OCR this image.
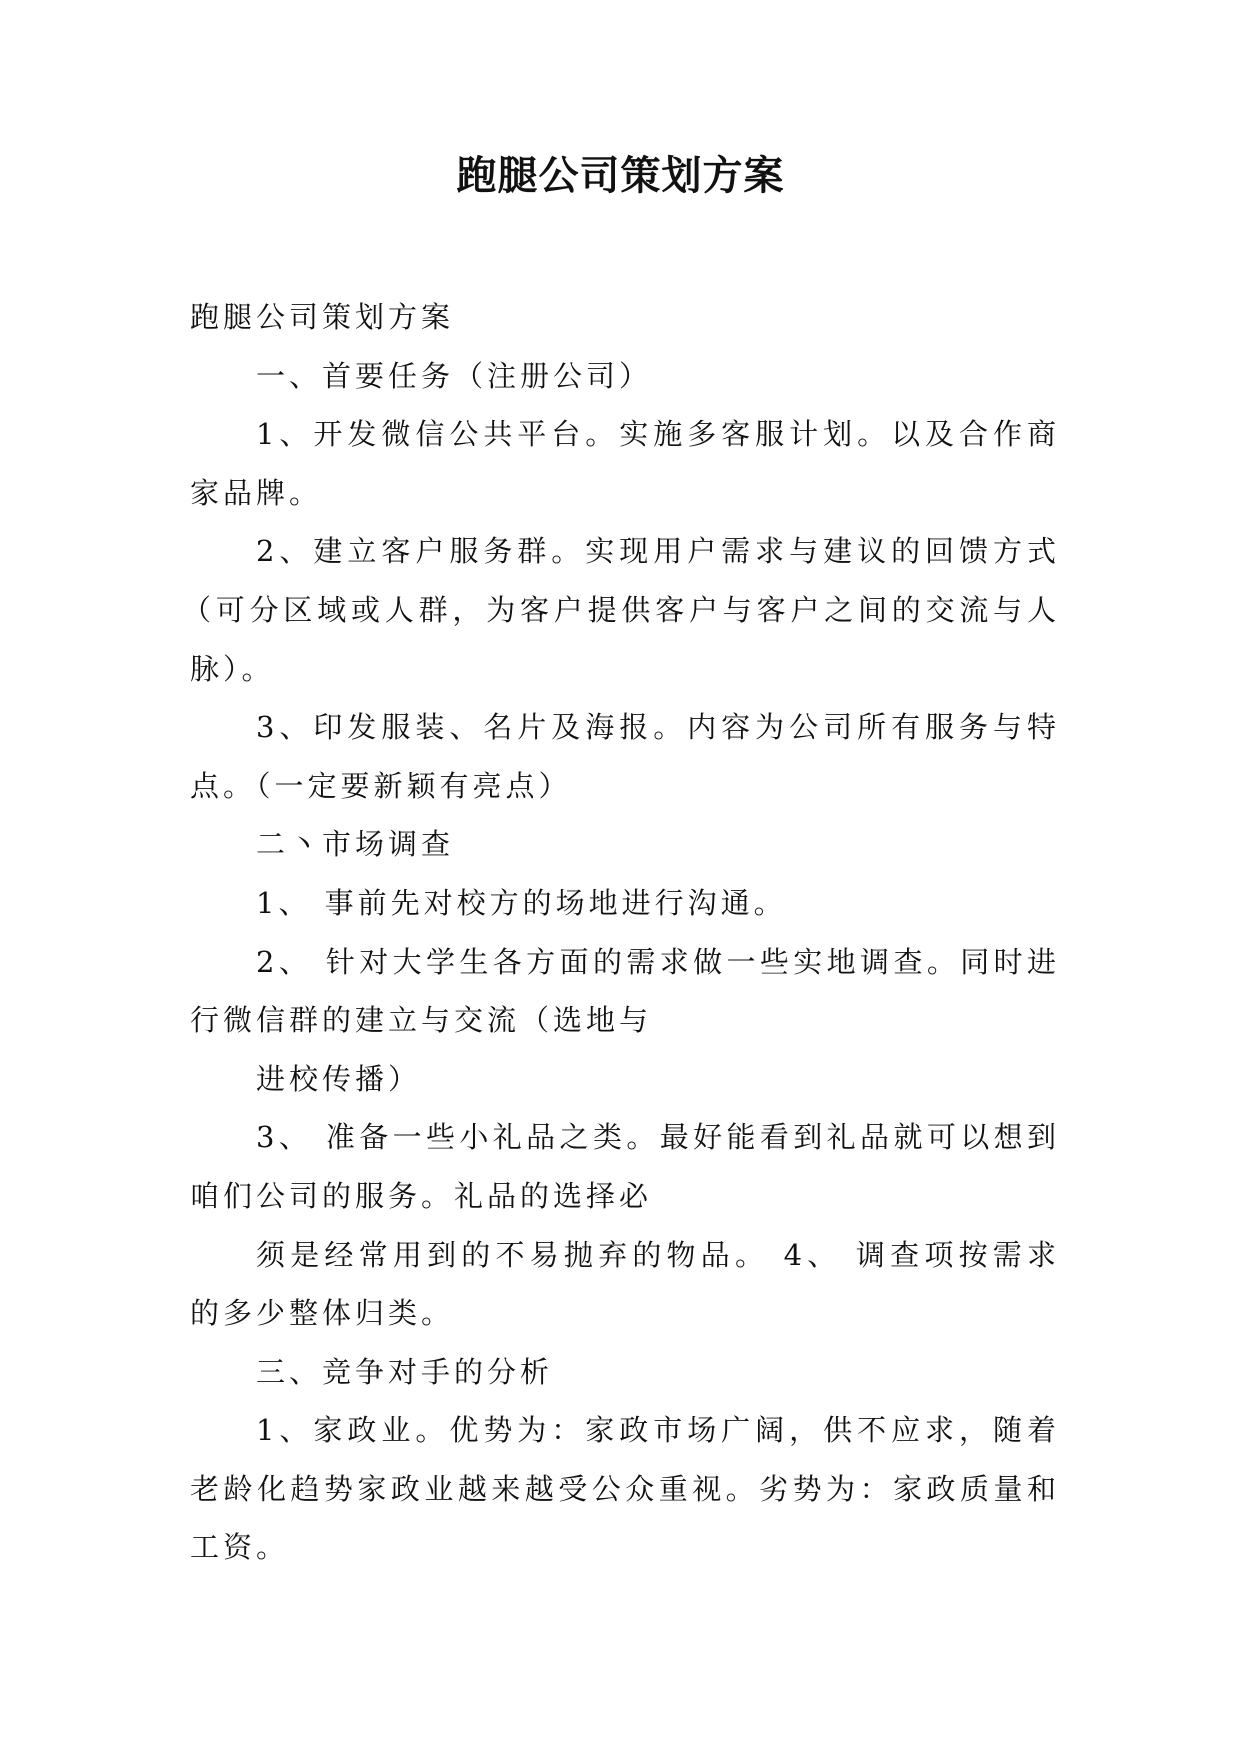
跑腿公司策划方案

跑腿公司策划方案

一、首要任务（注册公司）

1、开发微信公共平台。实施多客服计划。以及合作商

家品牌。

2、建立客户服务群。实现用户需求与建议的回馈方式

（可分区域或人群，为客户提供客户与客户之间的交流与人

脉）。

3、印发服装、名片及海报。内容为公司所有服务与特

点。（一定要新颖有亮点）

二丶市场调查

1、 事前先对校方的场地进行沟通。

2、 针对大学生各方面的需求做一些实地调查。同时进

行微信群的建立与交流（选地与

进校传播）

3、 准备一些小礼品之类。最好能看到礼品就可以想到

咱们公司的服务。礼品的选择必

须是经常用到的不易抛弃的物品。 4、 调查项按需求

的多少整体归类。

三、竞争对手的分析

1、家政业。优势为：家政市场广阔，供不应求，随着

老龄化趋势家政业越来越受公众重视。劣势为：家政质量和

工资。
